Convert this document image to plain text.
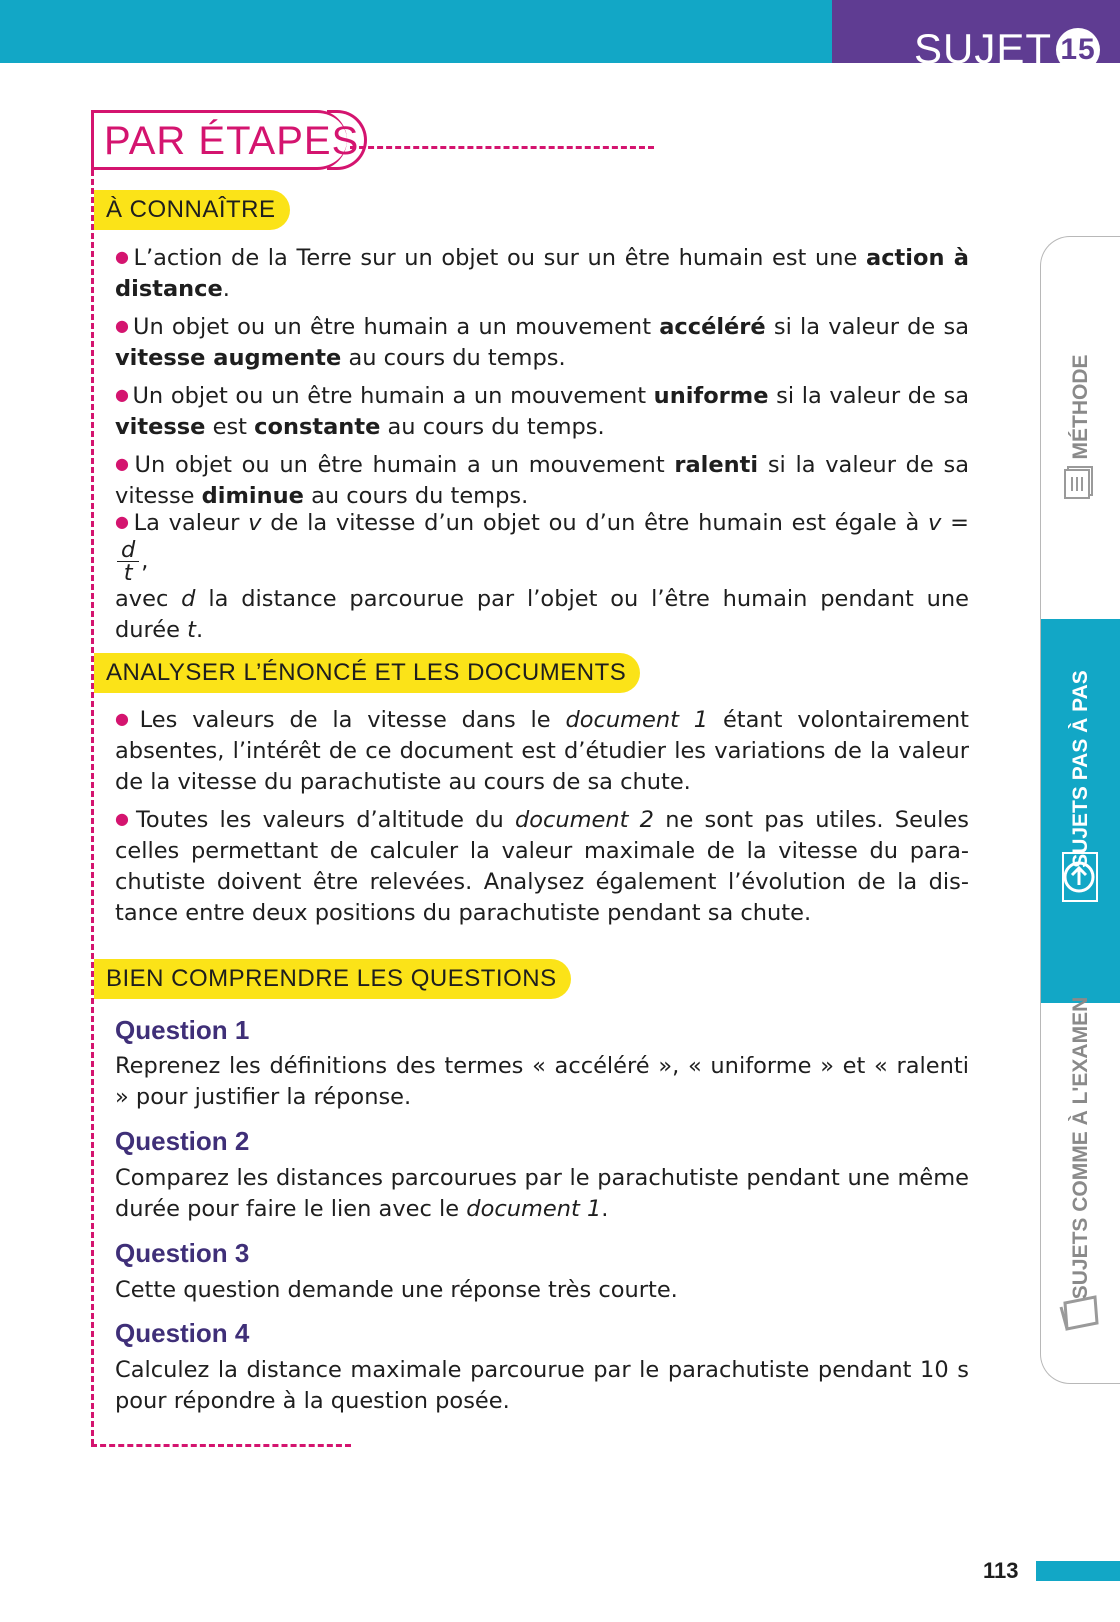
SUJET 15
MÉTHODE
SUJETS PAS À PAS
SUJETS COMME À L'EXAMEN
PAR ÉTAPES
À CONNAÎTRE
● L’action de la Terre sur un objet ou sur un être humain est une action à distance.
● Un objet ou un être humain a un mouvement accéléré si la valeur de sa vitesse augmente au cours du temps.
● Un objet ou un être humain a un mouvement uniforme si la valeur de sa vitesse est constante au cours du temps.
● Un objet ou un être humain a un mouvement ralenti si la valeur de sa vitesse diminue au cours du temps.
● La valeur v de la vitesse d’un objet ou d’un être humain est égale à v =
$\frac{d}{t}$ ,
avec d la distance parcourue par l’objet ou l’être humain pendant une durée t.
ANALYSER L’ÉNONCÉ ET LES DOCUMENTS
● Les valeurs de la vitesse dans le document 1 étant volontairement absentes, l’intérêt de ce document est d’étudier les variations de la valeur de la vitesse du parachutiste au cours de sa chute.
● Toutes les valeurs d’altitude du document 2 ne sont pas utiles. Seules celles permettant de calculer la valeur maximale de la vitesse du parachutiste doivent être relevées. Analysez également l’évolution de la distance entre deux positions du parachutiste pendant sa chute.
BIEN COMPRENDRE LES QUESTIONS
Question 1
Reprenez les définitions des termes « accéléré », « uniforme » et « ralenti » pour justifier la réponse.
Question 2
Comparez les distances parcourues par le parachutiste pendant une même durée pour faire le lien avec le document 1.
Question 3
Cette question demande une réponse très courte.
Question 4
Calculez la distance maximale parcourue par le parachutiste pendant 10 s pour répondre à la question posée.
113
